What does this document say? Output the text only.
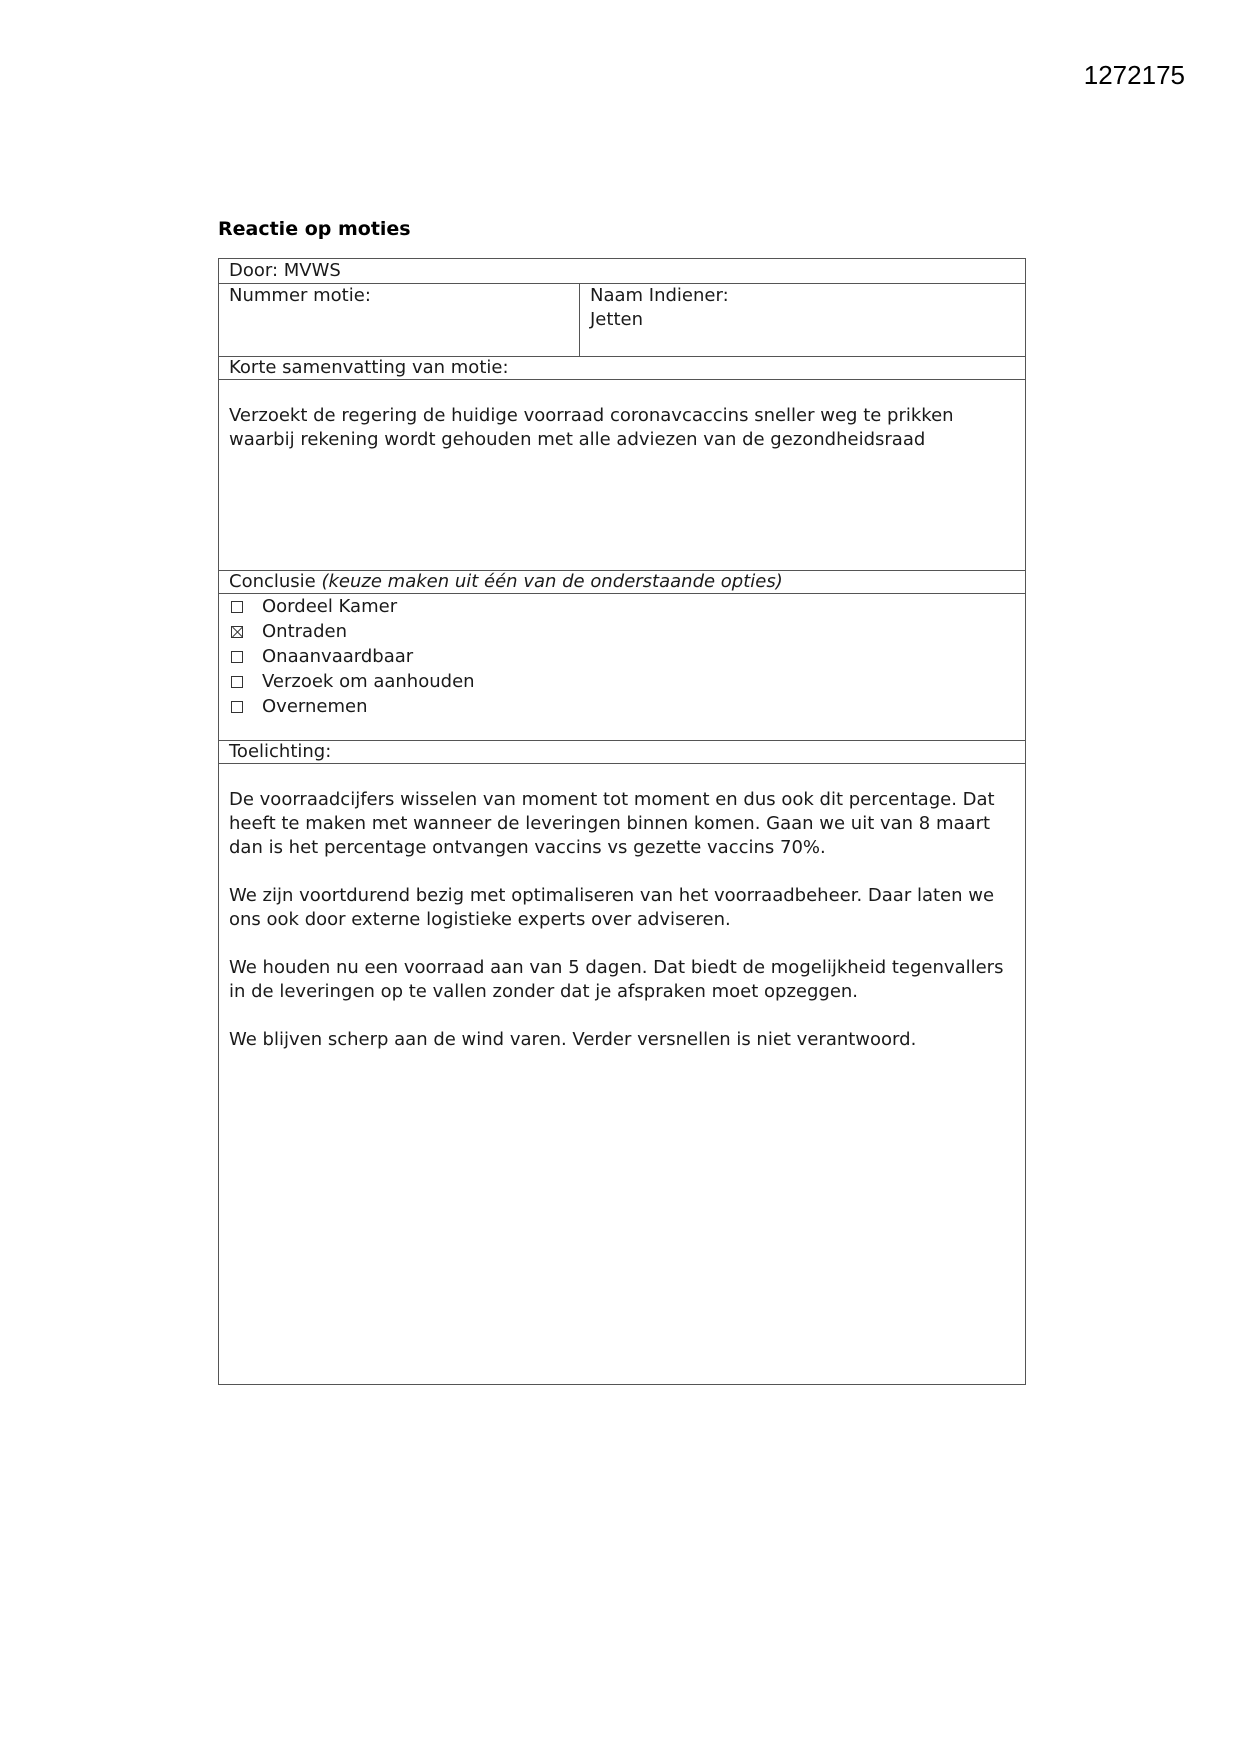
1272175
Reactie op moties
Door: MVWS
Nummer motie:	Naam Indiener:
Jetten

Korte samenvatting van motie:

Verzoekt de regering de huidige voorraad coronavcaccins sneller weg te prikken waarbij rekening wordt gehouden met alle adviezen van de gezondheidsraad

Conclusie (keuze maken uit één van de onderstaande opties)

Oordeel Kamer
Ontraden
Onaanvaardbaar
Verzoek om aanhouden
Overnemen

Toelichting:

De voorraadcijfers wisselen van moment tot moment en dus ook dit percentage. Dat heeft te maken met wanneer de leveringen binnen komen. Gaan we uit van 8 maart dan is het percentage ontvangen vaccins vs gezette vaccins 70%.

We zijn voortdurend bezig met optimaliseren van het voorraadbeheer. Daar laten we ons ook door externe logistieke experts over adviseren.

We houden nu een voorraad aan van 5 dagen. Dat biedt de mogelijkheid tegenvallers in de leveringen op te vallen zonder dat je afspraken moet opzeggen.

We blijven scherp aan de wind varen. Verder versnellen is niet verantwoord.
